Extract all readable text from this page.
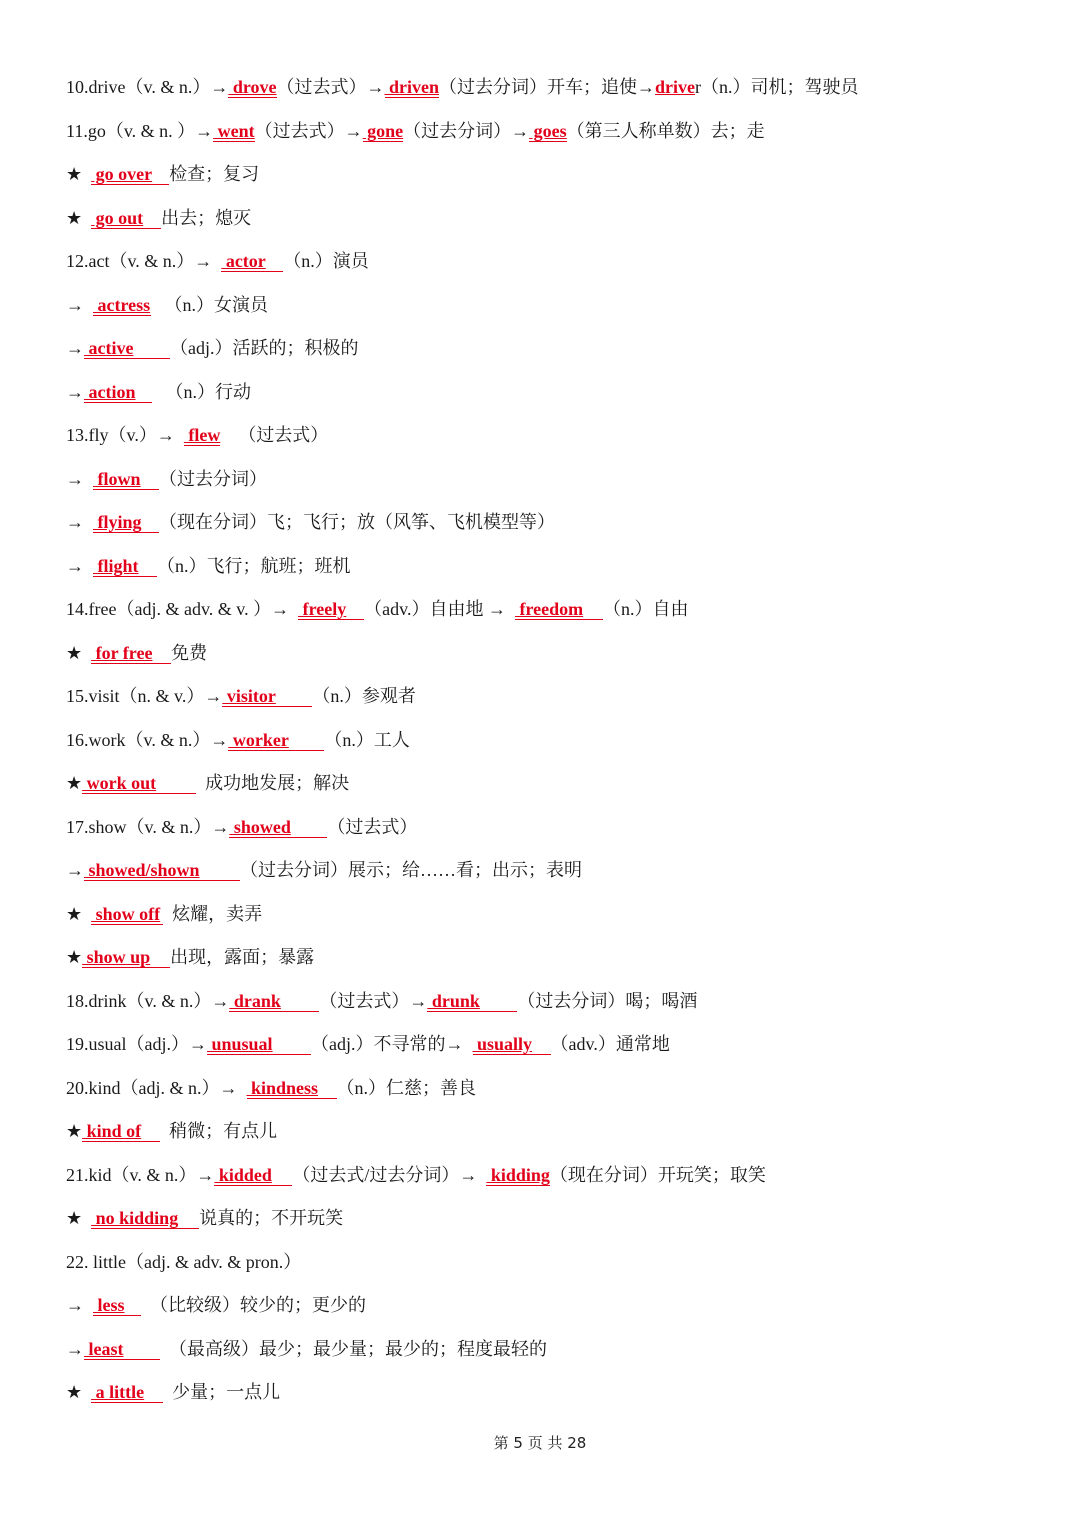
10.drive（v. & n.）→ drove（过去式）→ driven（过去分词）开车；追使→driver（n.）司机；驾驶员
11.go（v. & n. ）→ went（过去式）→ gone（过去分词）→ goes（第三人称单数）去；走
★   go over 检查；复习
★   go out 出去；熄灭
12.act（v. & n.）→   actor （n.）演员
→   actress   （n.）女演员
→ active （adj.）活跃的；积极的
→ action   （n.）行动
13.fly（v.）→   flew    （过去式）
→   flown （过去分词）
→   flying （现在分词）飞；飞行；放（风筝、飞机模型等）
→   flight （n.）飞行；航班；班机
14.free（adj. & adv. & v. ）→   freely （adv.）自由地 →   freedom （n.）自由
★   for free 免费
15.visit（n. & v.）→ visitor （n.）参观者
16.work（v. & n.）→ worker （n.）工人
★ work out  成功地发展；解决
17.show（v. & n.）→ showed （过去式）
→ showed/shown （过去分词）展示；给……看；出示；表明
★   show off  炫耀，卖弄
★ show up 出现，露面；暴露
18.drink（v. & n.）→ drank （过去式）→ drunk （过去分词）喝；喝酒
19.usual（adj.）→ unusual （adj.）不寻常的→   usually （adv.）通常地
20.kind（adj. & n.）→   kindness （n.）仁慈；善良
★ kind of  稍微；有点儿
21.kid（v. & n.）→ kidded （过去式/过去分词）→   kidding（现在分词）开玩笑；取笑
★   no kidding 说真的；不开玩笑
22. little（adj. & adv. & pron.）
→   less  （比较级）较少的；更少的
→ least  （最高级）最少；最少量；最少的；程度最轻的
★   a little  少量；一点儿
第 5 页 共 28
